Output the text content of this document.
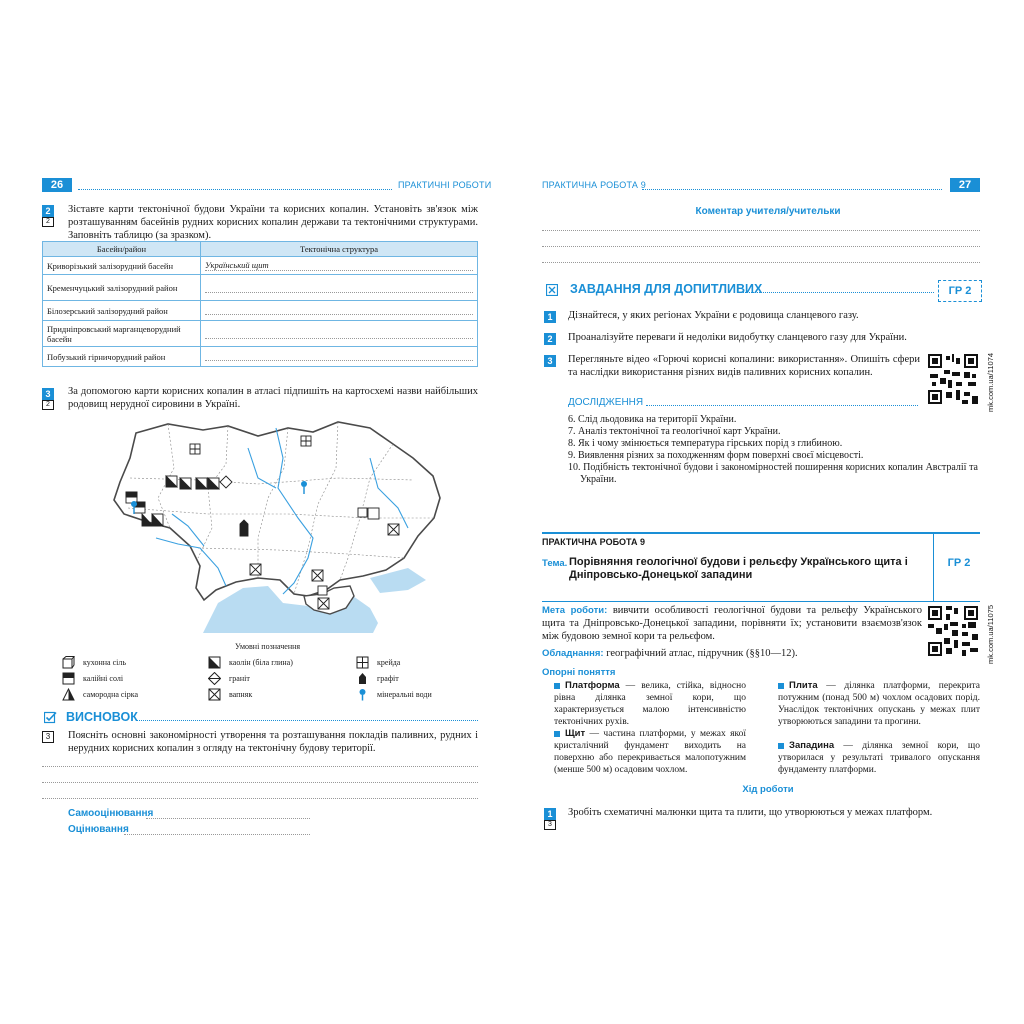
26	ПРАКТИЧНІ РОБОТИ
2
2
Зіставте карти тектонічної будови України та корисних копалин. Установіть зв'язок між розташуванням басейнів рудних корисних копалин держави та тектонічними структурами. Заповніть таблицю (за зразком).
Басейн/район	Тектонічна структура
Криворізький залізорудний басейн	Український щит

Кременчуцький залізорудний район	

Білозерський залізорудний район	

Придніпровський марганцеворудний басейн	

Побузький гірничорудний район	
3
2
За допомогою карти корисних копалин в атласі підпишіть на картосхемі назви найбільших родовищ нерудної сировини в Україні.
Умовні позначення
кухонна сіль
калійні солі
самородна сірка
каолін (біла глина)
граніт
вапняк
крейда
графіт
мінеральні води
ВИСНОВОК
3	Поясніть основні закономірності утворення та розташування покладів паливних, рудних і нерудних корисних копалин з огляду на тектонічну будову території.
Самооцінювання
Оцінювання
ПРАКТИЧНА РОБОТА 9	27
Коментар учителя/учительки
ЗАВДАННЯ ДЛЯ ДОПИТЛИВИХ	ГР 2
1	Дізнайтеся, у яких регіонах України є родовища сланцевого газу.
2	Проаналізуйте переваги й недоліки видобутку сланцевого газу для України.
3	Перегляньте відео «Горючі корисні копалини: використання». Опишіть сфери та наслідки використання різних видів паливних корисних копалин.	mk.com.ua/11074
ДОСЛІДЖЕННЯ
6. Слід льодовика на території України.
7. Аналіз тектонічної та геологічної карт України.
8. Як і чому змінюється температура гірських порід з глибиною.
9. Виявлення різних за походженням форм поверхні своєї місцевості.
10. Подібність тектонічної будови і закономірностей поширення корисних копалин Австралії та України.
ПРАКТИЧНА РОБОТА 9
Тема. Порівняння геологічної будови і рельєфу Українського щита і Дніпровсько-Донецької западини
ГР 2
Мета роботи: вивчити особливості геологічної будови та рельєфу Українського щита та Дніпровсько-Донецької западини, порівняти їх; установити взаємозв'язок між будовою земної кори та рельєфом.
Обладнання: географічний атлас, підручник (§§10—12).	mk.com.ua/11075
Опорні поняття
Платформа — велика, стійка, відносно рівна ділянка земної кори, що характеризується малою інтенсивністю тектонічних рухів.
Щит — частина платформи, у межах якої кристалічний фундамент виходить на поверхню або перекривається малопотужним (менше 500 м) осадовим чохлом.
Плита — ділянка платформи, перекрита потужним (понад 500 м) чохлом осадових порід. Унаслідок тектонічних опускань у межах плит утворюються западини та прогини.
Западина — ділянка земної кори, що утворилася у результаті тривалого опускання фундаменту платформи.
Хід роботи
1
3
Зробіть схематичні малюнки щита та плити, що утворюються у межах платформ.
